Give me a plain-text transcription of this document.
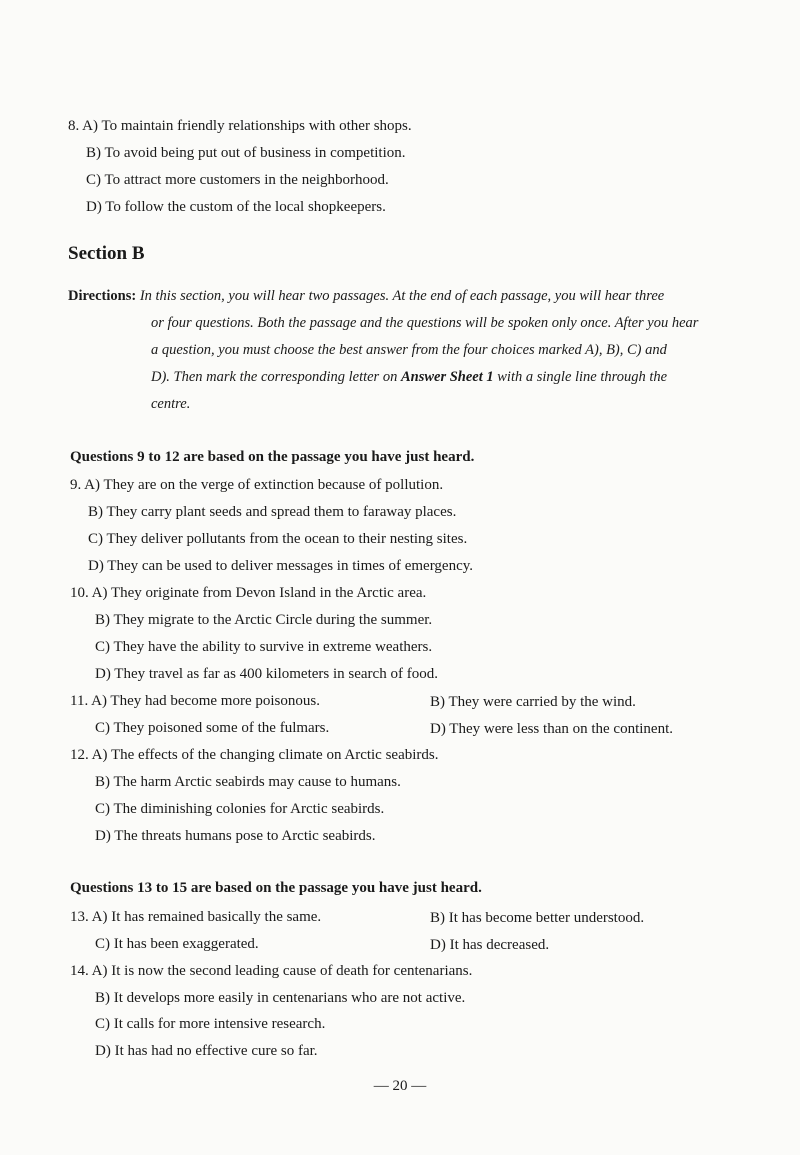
8. A) To maintain friendly relationships with other shops.
B) To avoid being put out of business in competition.
C) To attract more customers in the neighborhood.
D) To follow the custom of the local shopkeepers.
Section B
Directions: In this section, you will hear two passages. At the end of each passage, you will hear three
or four questions. Both the passage and the questions will be spoken only once. After you hear
a question, you must choose the best answer from the four choices marked A), B), C) and
D). Then mark the corresponding letter on Answer Sheet 1 with a single line through the
centre.
Questions 9 to 12 are based on the passage you have just heard.
9. A) They are on the verge of extinction because of pollution.
B) They carry plant seeds and spread them to faraway places.
C) They deliver pollutants from the ocean to their nesting sites.
D) They can be used to deliver messages in times of emergency.
10. A) They originate from Devon Island in the Arctic area.
B) They migrate to the Arctic Circle during the summer.
C) They have the ability to survive in extreme weathers.
D) They travel as far as 400 kilometers in search of food.
11. A) They had become more poisonous.	B) They were carried by the wind.
C) They poisoned some of the fulmars.	D) They were less than on the continent.
12. A) The effects of the changing climate on Arctic seabirds.
B) The harm Arctic seabirds may cause to humans.
C) The diminishing colonies for Arctic seabirds.
D) The threats humans pose to Arctic seabirds.
Questions 13 to 15 are based on the passage you have just heard.
13. A) It has remained basically the same.	B) It has become better understood.
C) It has been exaggerated.	D) It has decreased.
14. A) It is now the second leading cause of death for centenarians.
B) It develops more easily in centenarians who are not active.
C) It calls for more intensive research.
D) It has had no effective cure so far.
— 20 —
